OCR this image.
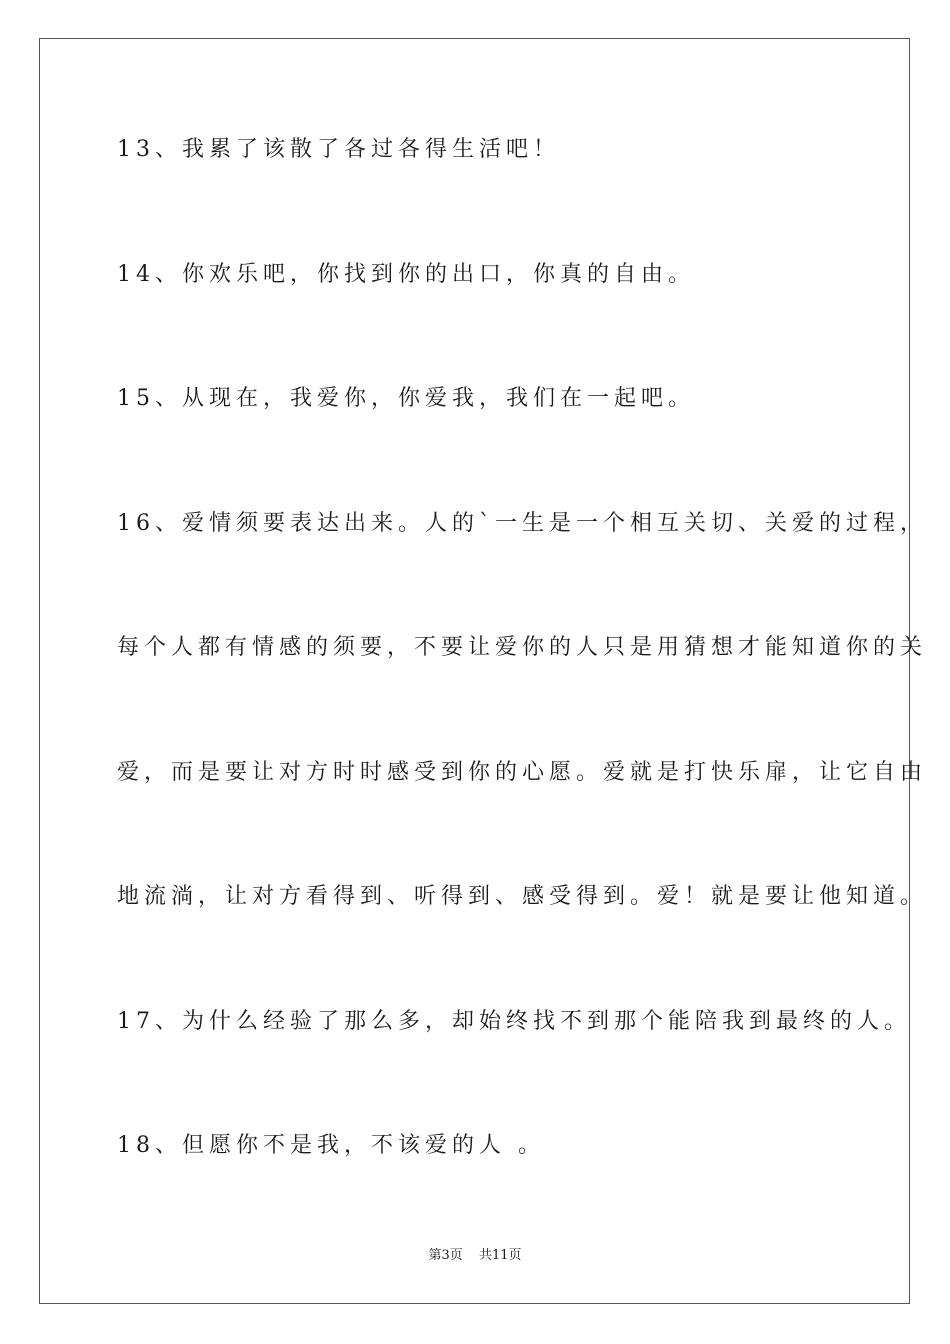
13、我累了该散了各过各得生活吧！
14、你欢乐吧，你找到你的出口，你真的自由。
15、从现在，我爱你，你爱我，我们在一起吧。
16、爱情须要表达出来。人的`一生是一个相互关切、关爱的过程，
每个人都有情感的须要，不要让爱你的人只是用猜想才能知道你的关
爱，而是要让对方时时感受到你的心愿。爱就是打快乐扉，让它自由
地流淌，让对方看得到、听得到、感受得到。爱！就是要让他知道。
17、为什么经验了那么多，却始终找不到那个能陪我到最终的人。
18、但愿你不是我，不该爱的人 。
第3页 共11页
